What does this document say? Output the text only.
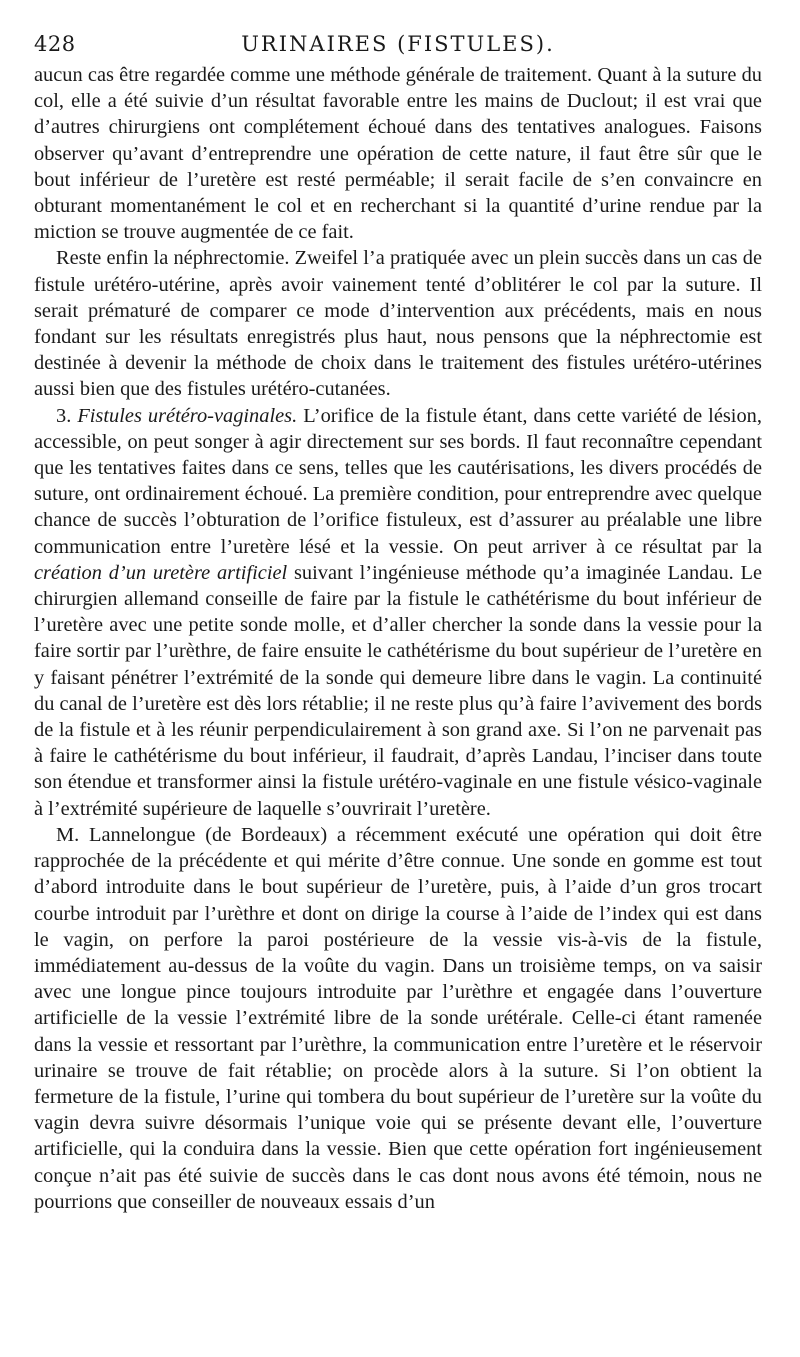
428	URINAIRES (FISTULES).

aucun cas être regardée comme une méthode générale de traitement. Quant à la suture du col, elle a été suivie d’un résultat favorable entre les mains de Duclout; il est vrai que d’autres chirurgiens ont complétement échoué dans des tentatives analogues. Faisons observer qu’avant d’entreprendre une opération de cette nature, il faut être sûr que le bout inférieur de l’uretère est resté perméable; il serait facile de s’en convaincre en obturant momentanément le col et en recherchant si la quantité d’urine rendue par la miction se trouve augmentée de ce fait.

Reste enfin la néphrectomie. Zweifel l’a pratiquée avec un plein succès dans un cas de fistule urétéro-utérine, après avoir vainement tenté d’oblitérer le col par la suture. Il serait prématuré de comparer ce mode d’intervention aux précédents, mais en nous fondant sur les résultats enregistrés plus haut, nous pensons que la néphrectomie est destinée à devenir la méthode de choix dans le traitement des fistules urétéro-utérines aussi bien que des fistules urétéro-cutanées.

3. Fistules urétéro-vaginales. L’orifice de la fistule étant, dans cette variété de lésion, accessible, on peut songer à agir directement sur ses bords. Il faut reconnaître cependant que les tentatives faites dans ce sens, telles que les cautérisations, les divers procédés de suture, ont ordinairement échoué. La première condition, pour entreprendre avec quelque chance de succès l’obturation de l’orifice fistuleux, est d’assurer au préalable une libre communication entre l’uretère lésé et la vessie. On peut arriver à ce résultat par la création d’un uretère artificiel suivant l’ingénieuse méthode qu’a imaginée Landau. Le chirurgien allemand conseille de faire par la fistule le cathétérisme du bout inférieur de l’uretère avec une petite sonde molle, et d’aller chercher la sonde dans la vessie pour la faire sortir par l’urèthre, de faire ensuite le cathétérisme du bout supérieur de l’uretère en y faisant pénétrer l’extrémité de la sonde qui demeure libre dans le vagin. La continuité du canal de l’uretère est dès lors rétablie; il ne reste plus qu’à faire l’avivement des bords de la fistule et à les réunir perpendiculairement à son grand axe. Si l’on ne parvenait pas à faire le cathétérisme du bout inférieur, il faudrait, d’après Landau, l’inciser dans toute son étendue et transformer ainsi la fistule urétéro-vaginale en une fistule vésico-vaginale à l’extrémité supérieure de laquelle s’ouvrirait l’uretère.

M. Lannelongue (de Bordeaux) a récemment exécuté une opération qui doit être rapprochée de la précédente et qui mérite d’être connue. Une sonde en gomme est tout d’abord introduite dans le bout supérieur de l’uretère, puis, à l’aide d’un gros trocart courbe introduit par l’urèthre et dont on dirige la course à l’aide de l’index qui est dans le vagin, on perfore la paroi postérieure de la vessie vis-à-vis de la fistule, immédiatement au-dessus de la voûte du vagin. Dans un troisième temps, on va saisir avec une longue pince toujours introduite par l’urèthre et engagée dans l’ouverture artificielle de la vessie l’extrémité libre de la sonde urétérale. Celle-ci étant ramenée dans la vessie et ressortant par l’urèthre, la communication entre l’uretère et le réservoir urinaire se trouve de fait rétablie; on procède alors à la suture. Si l’on obtient la fermeture de la fistule, l’urine qui tombera du bout supérieur de l’uretère sur la voûte du vagin devra suivre désormais l’unique voie qui se présente devant elle, l’ouverture artificielle, qui la conduira dans la vessie. Bien que cette opération fort ingénieusement conçue n’ait pas été suivie de succès dans le cas dont nous avons été témoin, nous ne pourrions que conseiller de nouveaux essais d’un
